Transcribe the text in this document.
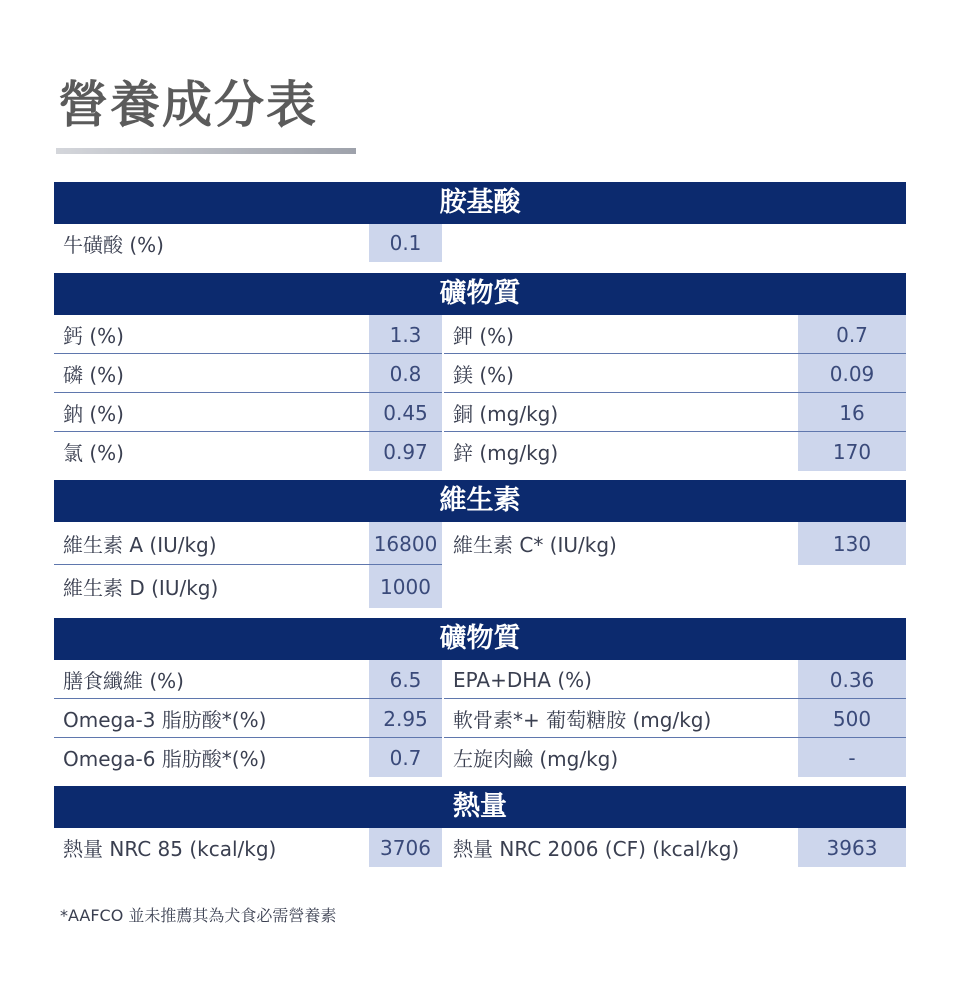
營養成分表
胺基酸
牛磺酸 (%)	0.1
礦物質
鈣 (%)	1.3	鉀 (%)	0.7
磷 (%)	0.8	鎂 (%)	0.09
鈉 (%)	0.45	銅 (mg/kg)	16
氯 (%)	0.97	鋅 (mg/kg)	170
維生素
維生素 A (IU/kg)	16800 維生素 C* (IU/kg)	130
維生素 D (IU/kg)	1000
礦物質
膳食纖維 (%)	6.5	EPA+DHA (%)	0.36
Omega-3 脂肪酸*(%)	2.95	軟骨素*+ 葡萄糖胺 (mg/kg)	500
Omega-6 脂肪酸*(%)	0.7	左旋肉鹼 (mg/kg)	-
熱量
熱量 NRC 85 (kcal/kg)	3706	熱量 NRC 2006 (CF) (kcal/kg)	3963
*AAFCO 並未推薦其為犬食必需營養素
